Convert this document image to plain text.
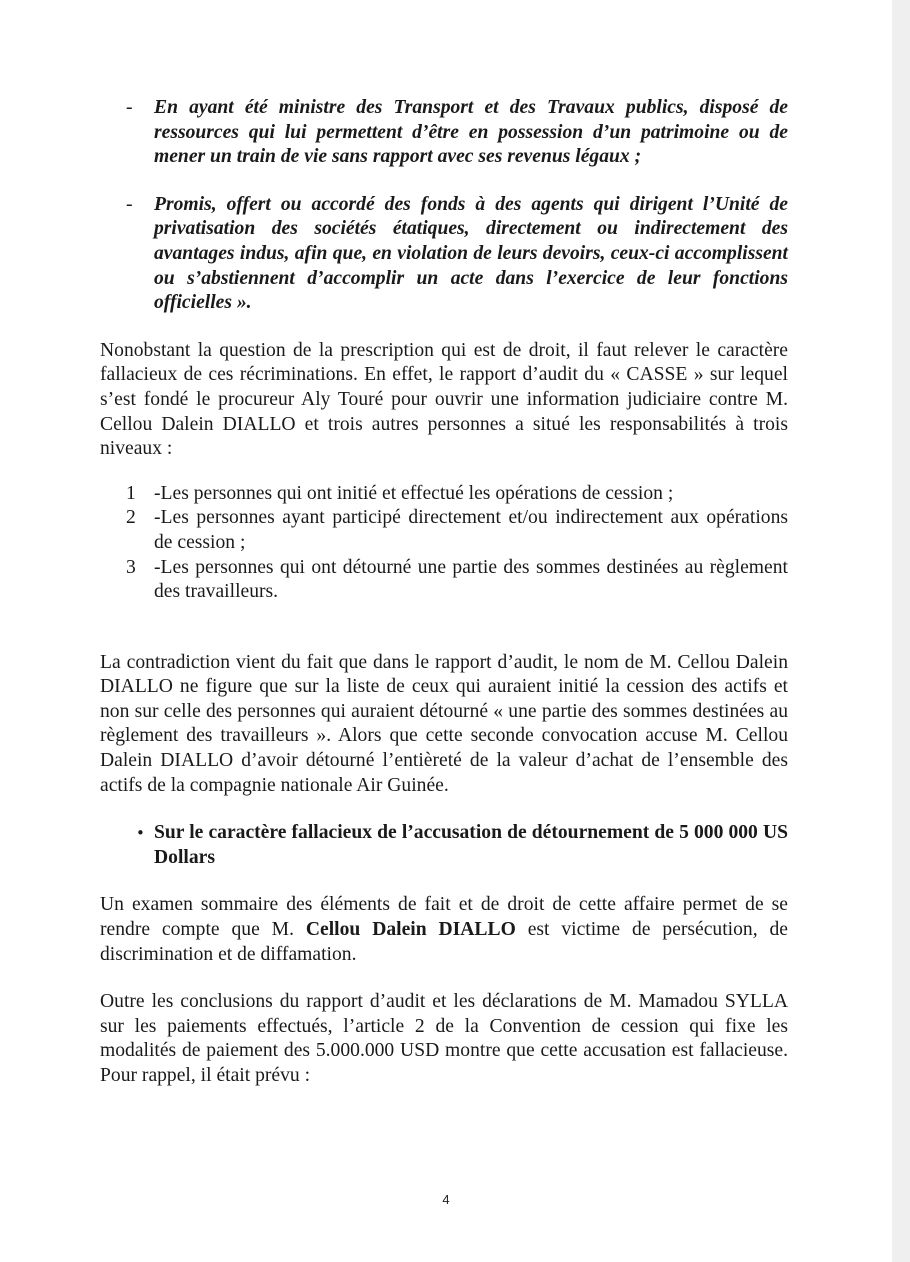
-	En ayant été ministre des Transport et des Travaux publics, disposé de ressources qui lui permettent d’être en possession d’un patrimoine ou de mener un train de vie sans rapport avec ses revenus légaux ;
-	Promis, offert ou accordé des fonds à des agents qui dirigent l’Unité de privatisation des sociétés étatiques, directement ou indirectement des avantages indus, afin que, en violation de leurs devoirs, ceux-ci accomplissent ou s’abstiennent d’accomplir un acte dans l’exercice de leur fonctions officielles ».

Nonobstant la question de la prescription qui est de droit, il faut relever le caractère fallacieux de ces récriminations. En effet, le rapport d’audit du « CASSE » sur lequel s’est fondé le procureur Aly Touré pour ouvrir une information judiciaire contre M. Cellou Dalein DIALLO et trois autres personnes a situé les responsabilités à trois niveaux :

1 -Les personnes qui ont initié et effectué les opérations de cession ;
2 -Les personnes ayant participé directement et/ou indirectement aux opérations de cession ;
3 -Les personnes qui ont détourné une partie des sommes destinées au règlement des travailleurs.

La contradiction vient du fait que dans le rapport d’audit, le nom de M. Cellou Dalein DIALLO ne figure que sur la liste de ceux qui auraient initié la cession des actifs et non sur celle des personnes qui auraient détourné « une partie des sommes destinées au règlement des travailleurs ». Alors que cette seconde convocation accuse M. Cellou Dalein DIALLO d’avoir détourné l’entièreté de la valeur d’achat de l’ensemble des actifs de la compagnie nationale Air Guinée.

• Sur le caractère fallacieux de l’accusation de détournement de 5 000 000 US Dollars

Un examen sommaire des éléments de fait et de droit de cette affaire permet de se rendre compte que M. Cellou Dalein DIALLO est victime de persécution, de discrimination et de diffamation.

Outre les conclusions du rapport d’audit et les déclarations de M. Mamadou SYLLA sur les paiements effectués, l’article 2 de la Convention de cession qui fixe les modalités de paiement des 5.000.000 USD montre que cette accusation est fallacieuse. Pour rappel, il était prévu :

4
